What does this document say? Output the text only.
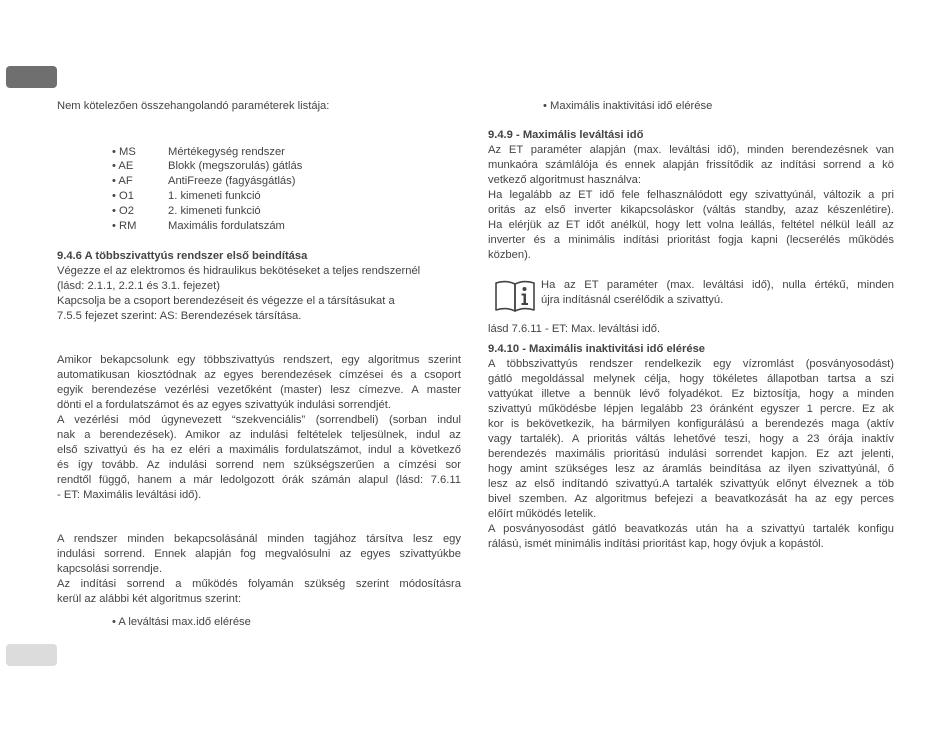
Nem kötelezően összehangolandó paraméterek listája:
• MS	Mértékegység rendszer
• AE	Blokk (megszorulás) gátlás
• AF	AntiFreeze (fagyásgátlás)
• O1	1. kimeneti funkció
• O2	2. kimeneti funkció
• RM	Maximális fordulatszám
9.4.6 A többszivattyús rendszer első beindítása
Végezze el az elektromos és hidraulikus bekötéseket a teljes rendszernél
(lásd: 2.1.1, 2.2.1 és 3.1. fejezet)
Kapcsolja be a csoport berendezéseit és végezze el a társításukat a
7.5.5 fejezet szerint: AS: Berendezések társítása.
Amikor bekapcsolunk egy többszivattyús rendszert, egy algoritmus szerint
automatikusan kiosztódnak az egyes berendezések címzései és a csoport
egyik berendezése vezérlési vezetőként (master) lesz címezve. A master
dönti el a fordulatszámot és az egyes szivattyúk indulási sorrendjét.
A vezérlési mód úgynevezett “szekvenciális” (sorrendbeli) (sorban indul
nak a berendezések). Amikor az indulási feltételek teljesülnek, indul az
első szivattyú és ha ez eléri a maximális fordulatszámot, indul a következő
és így tovább. Az indulási sorrend nem szükségszerűen a címzési sor
rendtől függő, hanem a már ledolgozott órák számán alapul (lásd: 7.6.11
- ET: Maximális leváltási idő).
A rendszer minden bekapcsolásánál minden tagjához társítva lesz egy
indulási sorrend. Ennek alapján fog megvalósulni az egyes szivattyúkbe
kapcsolási sorrendje.
Az indítási sorrend a működés folyamán szükség szerint módosításra
kerül az alábbi két algoritmus szerint:
• A leváltási max.idő elérése
• Maximális inaktivitási idő elérése
9.4.9 - Maximális leváltási idő
Az ET paraméter alapján (max. leváltási idő), minden berendezésnek van
munkaóra számlálója és ennek alapján frissítődik az indítási sorrend a kö
vetkező algoritmust használva:
Ha legalább az ET idő fele felhasználódott egy szivattyúnál, változik a pri
oritás az első inverter kikapcsoláskor (váltás standby, azaz készenlétire).
Ha elérjük az ET időt anélkül, hogy lett volna leállás, feltétel nélkül leáll az
inverter és a minimális indítási prioritást fogja kapni (lecserélés működés
közben).
Ha az ET paraméter (max. leváltási idő), nulla értékű, minden
újra indításnál cserélődik a szivattyú.
lásd 7.6.11 - ET: Max. leváltási idő.
9.4.10 - Maximális inaktivitási idő elérése
A többszivattyús rendszer rendelkezik egy vízromlást (posványosodást)
gátló megoldással melynek célja, hogy tökéletes állapotban tartsa a szi
vattyúkat illetve a bennük lévő folyadékot. Ez biztosítja, hogy a minden
szivattyú működésbe lépjen legalább 23 óránként egyszer 1 percre. Ez ak
kor is bekövetkezik, ha bármilyen konfigurálású a berendezés maga (aktív
vagy tartalék). A prioritás váltás lehetővé teszi, hogy a 23 órája inaktív
berendezés maximális prioritású indulási sorrendet kapjon. Ez azt jelenti,
hogy amint szükséges lesz az áramlás beindítása az ilyen szivattyúnál, ő
lesz az első indítandó szivattyú.A tartalék szivattyúk előnyt élveznek a töb
bivel szemben. Az algoritmus befejezi a beavatkozását ha az egy perces
előírt működés letelik.
A posványosodást gátló beavatkozás után ha a szivattyú tartalék konfigu
rálású, ismét minimális indítási prioritást kap, hogy óvjuk a kopástól.
